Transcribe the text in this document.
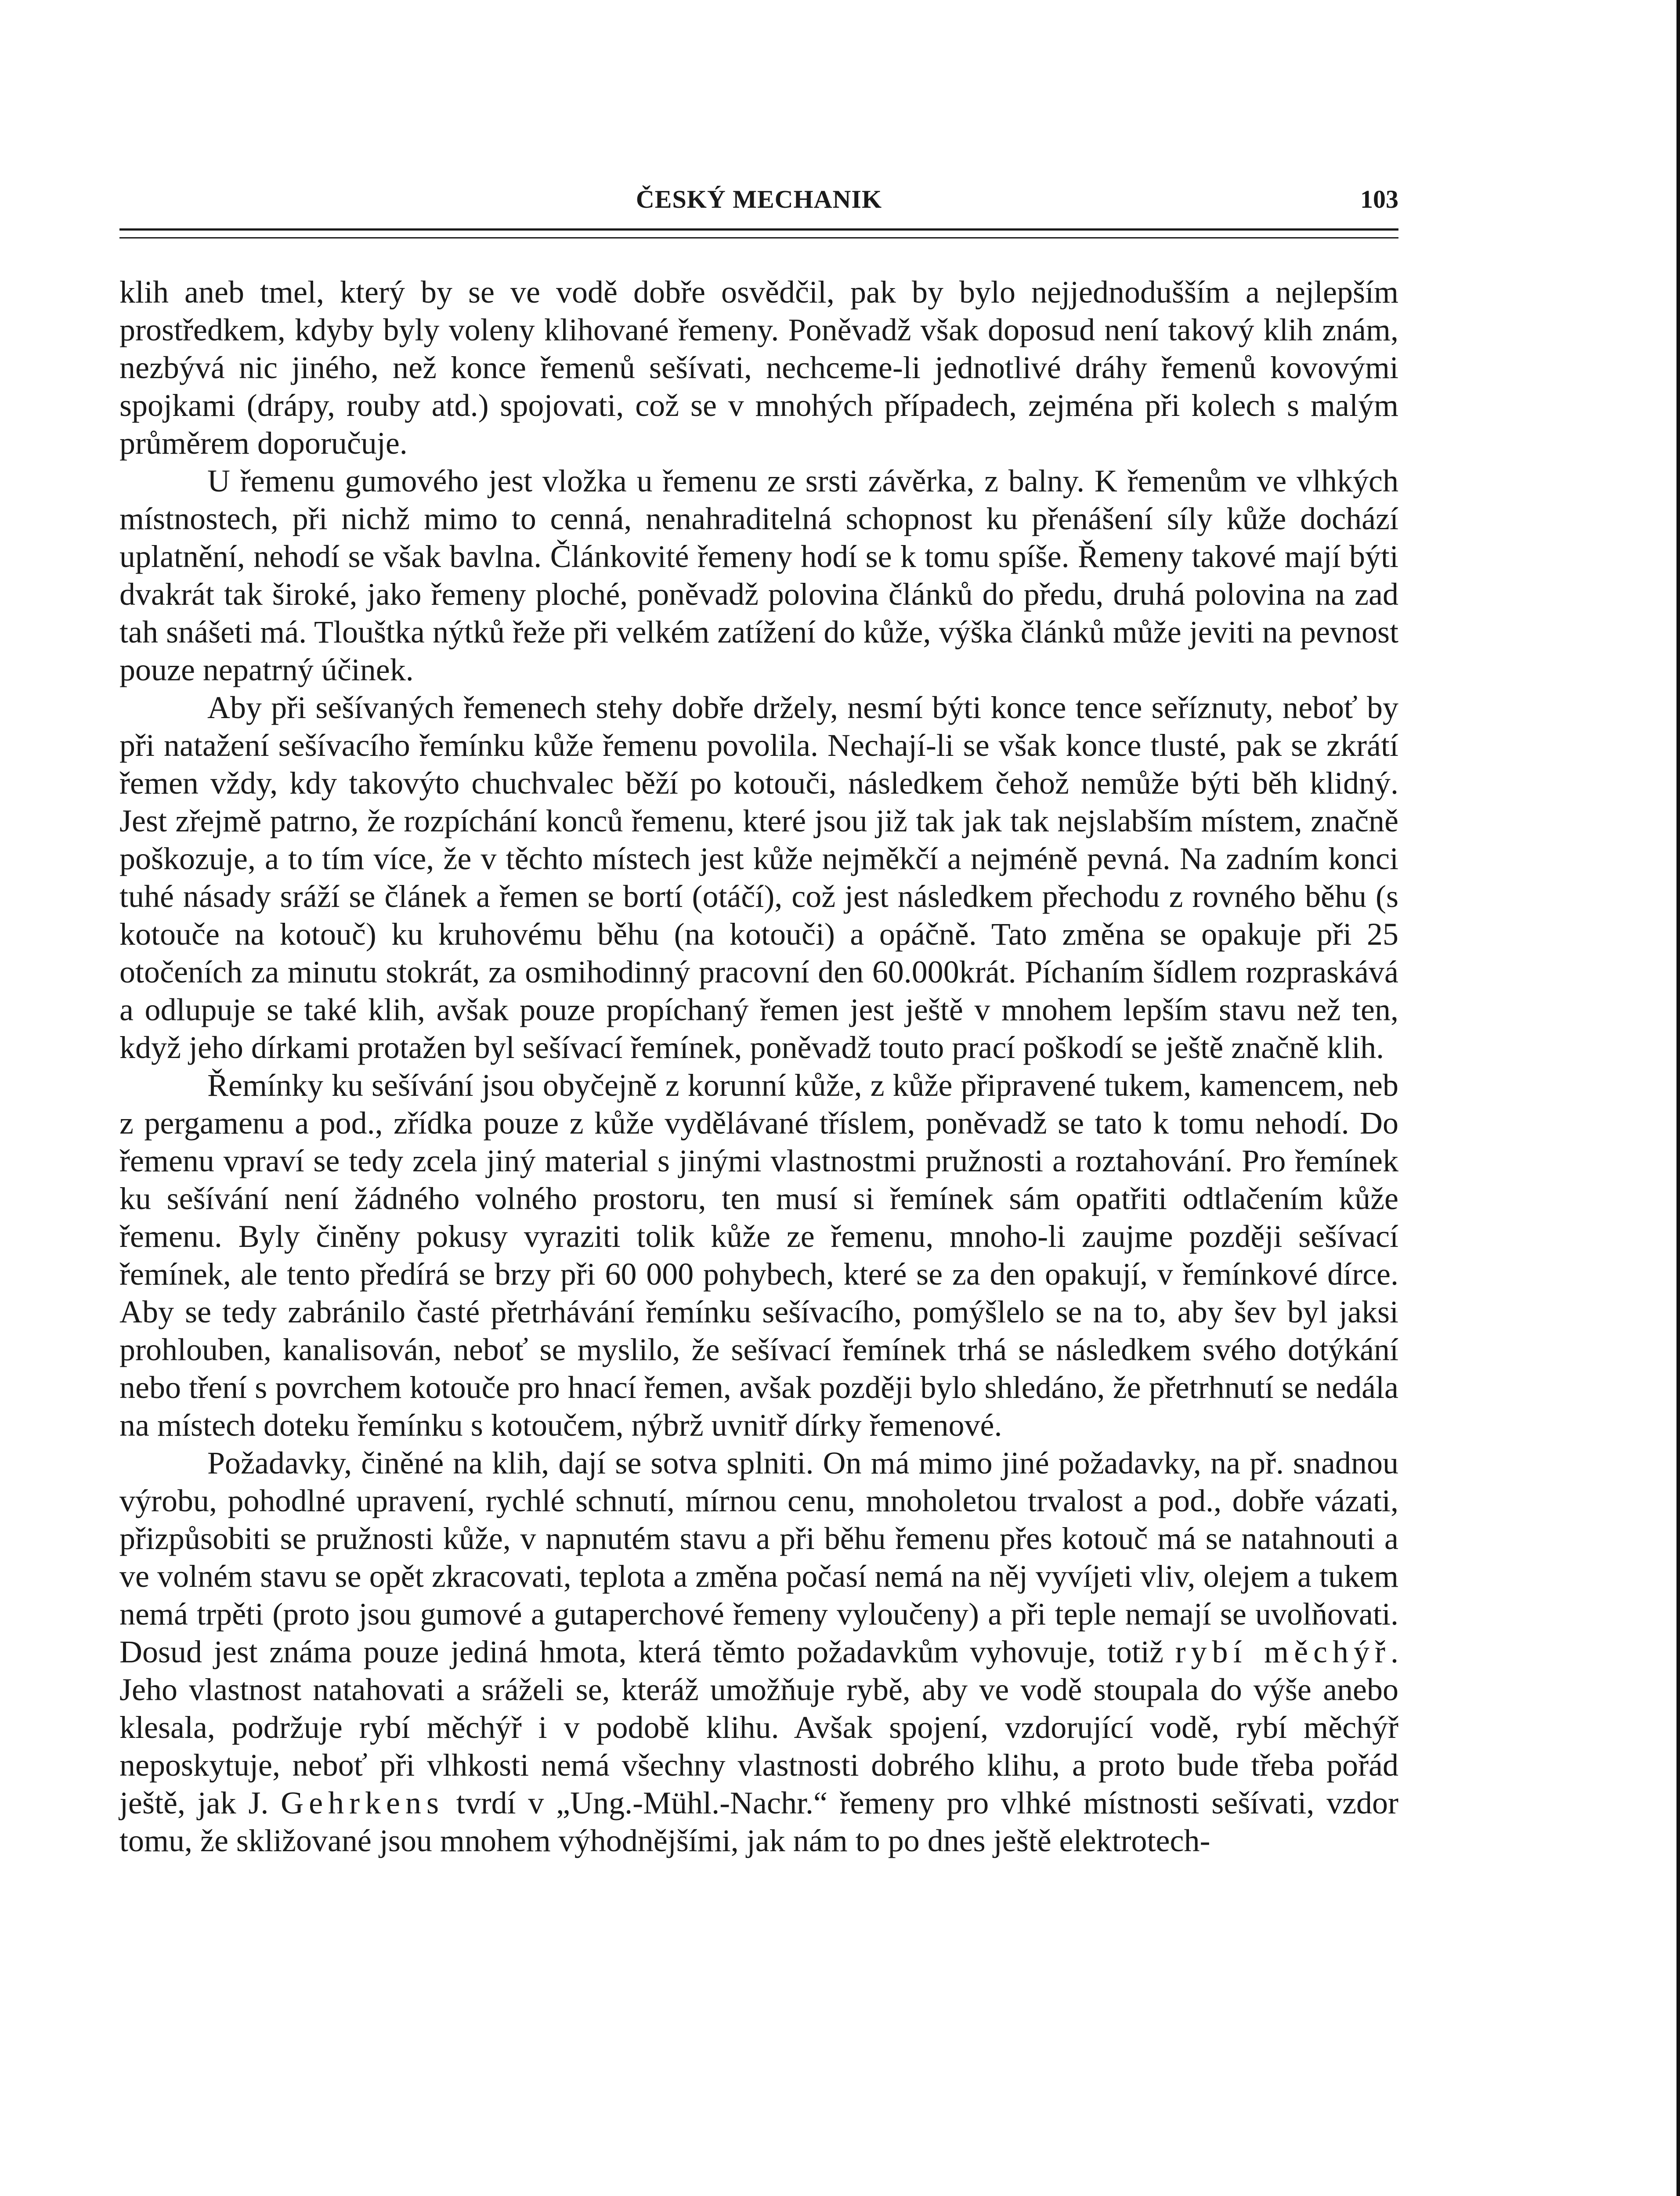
ČESKÝ MECHANIK	103

klih aneb tmel, který by se ve vodě dobře osvědčil, pak by bylo nejjednodušším a nejlepším prostředkem, kdyby byly voleny klihované řemeny. Poněvadž však doposud není takový klih znám, nezbývá nic jiného, než konce řemenů sešívati, nechceme-li jednotlivé dráhy řemenů kovovými spojkami (drápy, rouby atd.) spojovati, což se v mnohých případech, zejména při kolech s malým průměrem doporučuje.

U řemenu gumového jest vložka u řemenu ze srsti závěrka, z balny. K řemenům ve vlhkých místnostech, při nichž mimo to cenná, nenahraditelná schopnost ku přenášení síly kůže dochází uplatnění, nehodí se však bavlna. Článkovité řemeny hodí se k tomu spíše. Řemeny takové mají býti dvakrát tak široké, jako řemeny ploché, poněvadž polovina článků do předu, druhá polovina na zad tah snášeti má. Tlouštka nýtků řeže při velkém zatížení do kůže, výška článků může jeviti na pevnost pouze nepatrný účinek.

Aby při sešívaných řemenech stehy dobře držely, nesmí býti konce tence seříznuty, neboť by při natažení sešívacího řemínku kůže řemenu povolila. Nechají-li se však konce tlusté, pak se zkrátí řemen vždy, kdy takovýto chuchvalec běží po kotouči, následkem čehož nemůže býti běh klidný. Jest zřejmě patrno, že rozpíchání konců řemenu, které jsou již tak jak tak nejslabším místem, značně poškozuje, a to tím více, že v těchto místech jest kůže nejměkčí a nejméně pevná. Na zadním konci tuhé násady sráží se článek a řemen se bortí (otáčí), což jest následkem přechodu z rovného běhu (s kotouče na kotouč) ku kruhovému běhu (na kotouči) a opáčně. Tato změna se opakuje při 25 otočeních za minutu stokrát, za osmihodinný pracovní den 60.000krát. Píchaním šídlem rozpraskává a odlupuje se také klih, avšak pouze propíchaný řemen jest ještě v mnohem lepším stavu než ten, když jeho dírkami protažen byl sešívací řemínek, poněvadž touto prací poškodí se ještě značně klih.

Řemínky ku sešívání jsou obyčejně z korunní kůže, z kůže připravené tukem, kamencem, neb z pergamenu a pod., zřídka pouze z kůže vydělávané tříslem, poněvadž se tato k tomu nehodí. Do řemenu vpraví se tedy zcela jiný material s jinými vlastnostmi pružnosti a roztahování. Pro řemínek ku sešívání není žádného volného prostoru, ten musí si řemínek sám opatřiti odtlačením kůže řemenu. Byly činěny pokusy vyraziti tolik kůže ze řemenu, mnoho-li zaujme později sešívací řemínek, ale tento předírá se brzy při 60 000 pohybech, které se za den opakují, v řemínkové dírce. Aby se tedy zabránilo časté přetrhávání řemínku sešívacího, pomýšlelo se na to, aby šev byl jaksi prohlouben, kanalisován, neboť se myslilo, že sešívací řemínek trhá se následkem svého dotýkání nebo tření s povrchem kotouče pro hnací řemen, avšak později bylo shledáno, že přetrhnutí se nedála na místech doteku řemínku s kotoučem, nýbrž uvnitř dírky řemenové.

Požadavky, činěné na klih, dají se sotva splniti. On má mimo jiné požadavky, na př. snadnou výrobu, pohodlné upravení, rychlé schnutí, mírnou cenu, mnoholetou trvalost a pod., dobře vázati, přizpůsobiti se pružnosti kůže, v napnutém stavu a při běhu řemenu přes kotouč má se natahnouti a ve volném stavu se opět zkracovati, teplota a změna počasí nemá na něj vyvíjeti vliv, olejem a tukem nemá trpěti (proto jsou gumové a gutaperchové řemeny vyloučeny) a při teple nemají se uvolňovati. Dosud jest známa pouze jediná hmota, která těmto požadavkům vyhovuje, totiž rybí měchýř. Jeho vlastnost natahovati a sráželi se, kteráž umožňuje rybě, aby ve vodě stoupala do výše anebo klesala, podržuje rybí měchýř i v podobě klihu. Avšak spojení, vzdorující vodě, rybí měchýř neposkytuje, neboť při vlhkosti nemá všechny vlastnosti dobrého klihu, a proto bude třeba pořád ještě, jak J. Gehrkens tvrdí v „Ung.-Mühl.-Nachr.“ řemeny pro vlhké místnosti sešívati, vzdor tomu, že skližované jsou mnohem výhodnějšími, jak nám to po dnes ještě elektrotech-
